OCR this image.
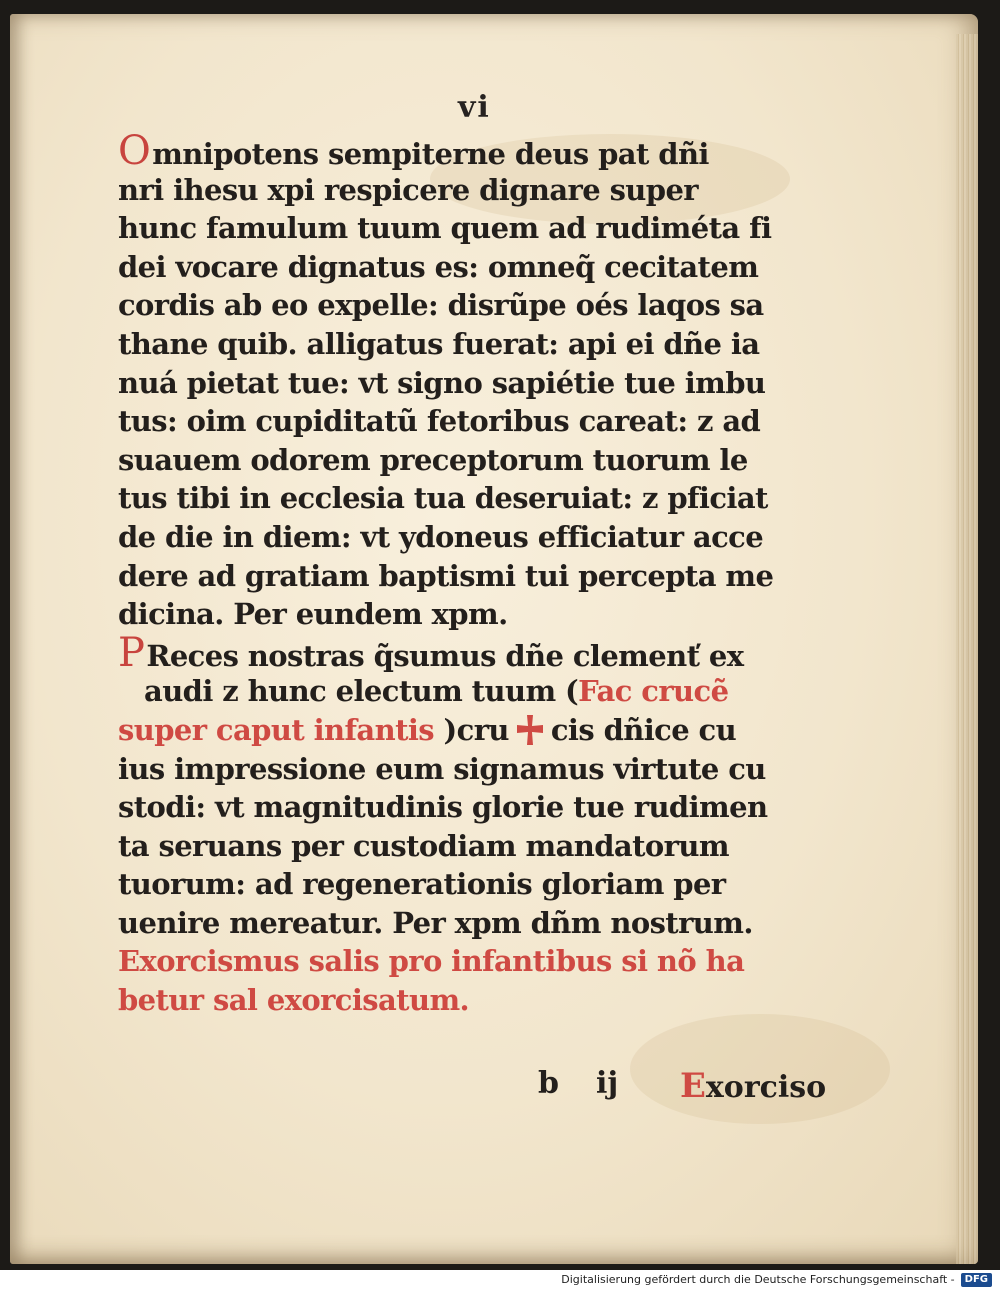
vi
Omnipotens sempiterne deus pat dñi
nri ihesu xpi respicere dignare super
hunc famulum tuum quem ad rudiméta fi
dei vocare dignatus es: omneq̃ cecitatem
cordis ab eo expelle: disrũpe oés laqos sa
thane quib. alligatus fuerat: api ei dñe ia
nuá pietat tue: vt signo sapiétie tue imbu
tus: oim cupiditatũ fetoribus careat: z ad
suauem odorem preceptorum tuorum le
tus tibi in ecclesia tua deseruiat: z pficiat
de die in diem: vt ydoneus efficiatur acce
dere ad gratiam baptismi tui percepta me
dicina. Per eundem xpm.
PReces nostras q̃sumus dñe clemenť ex
audi z hunc electum tuum (Fac crucẽ
super caput infantis )cru cis dñice cu
ius impressione eum signamus virtute cu
stodi: vt magnitudinis glorie tue rudimen
ta seruans per custodiam mandatorum
tuorum: ad regenerationis gloriam per
uenire mereatur. Per xpm dñm nostrum.
Exorcismus salis pro infantibus si nõ ha
betur sal exorcisatum.
b ij Exorciso
Digitalisierung gefördert durch die Deutsche Forschungsgemeinschaft - DFG
